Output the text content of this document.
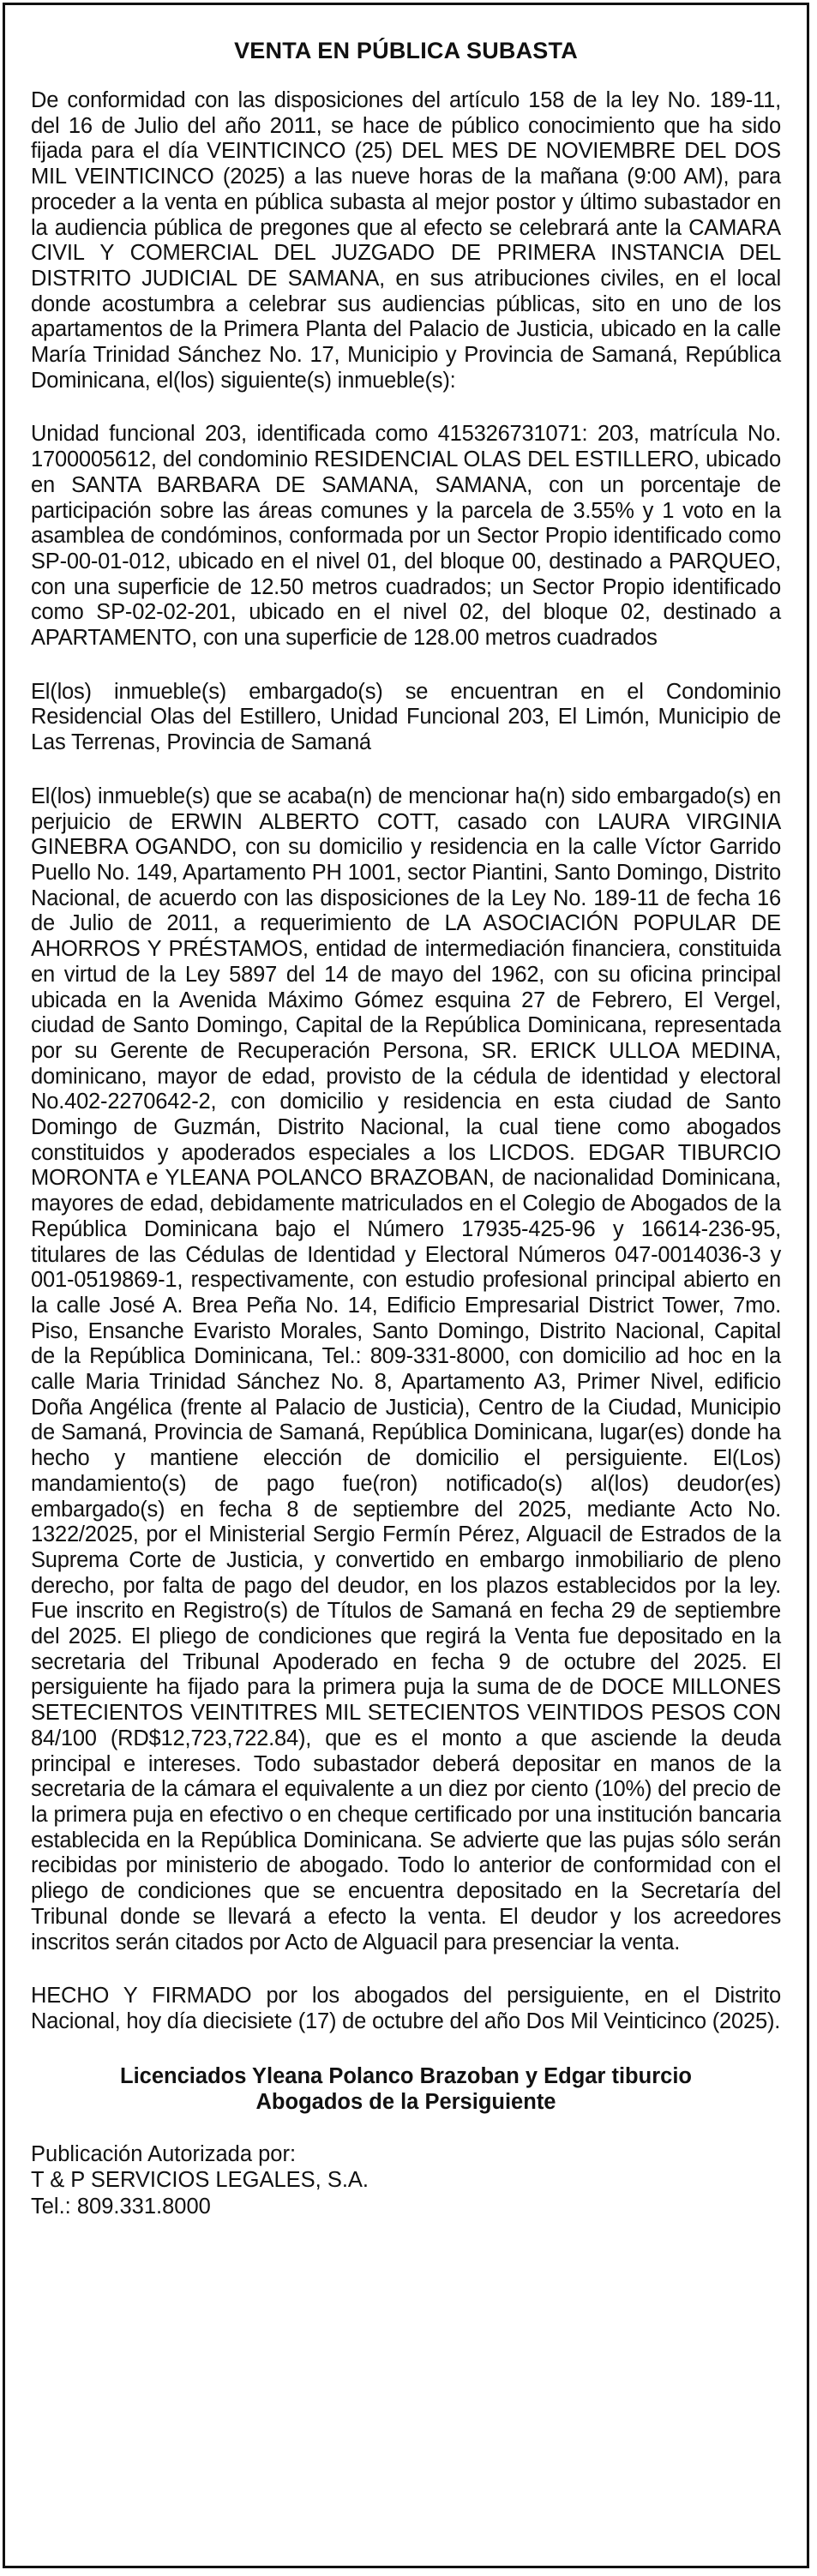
VENTA EN PÚBLICA SUBASTA

De conformidad con las disposiciones del artículo 158 de la ley No. 189-11, del 16 de Julio del año 2011, se hace de público conocimiento que ha sido fijada para el día VEINTICINCO (25) DEL MES DE NOVIEMBRE DEL DOS MIL VEINTICINCO (2025) a las nueve horas de la mañana (9:00 AM), para proceder a la venta en pública subasta al mejor postor y último subastador en la audiencia pública de pregones que al efecto se celebrará ante la CAMARA CIVIL Y COMERCIAL DEL JUZGADO DE PRIMERA INSTANCIA DEL DISTRITO JUDICIAL DE SAMANA, en sus atribuciones civiles, en el local donde acostumbra a celebrar sus audiencias públicas, sito en uno de los apartamentos de la Primera Planta del Palacio de Justicia, ubicado en la calle María Trinidad Sánchez No. 17, Municipio y Provincia de Samaná, República Dominicana, el(los) siguiente(s) inmueble(s):

Unidad funcional 203, identificada como 415326731071: 203, matrícula No. 1700005612, del condominio RESIDENCIAL OLAS DEL ESTILLERO, ubicado en SANTA BARBARA DE SAMANA, SAMANA, con un porcentaje de participación sobre las áreas comunes y la parcela de 3.55% y 1 voto en la asamblea de condóminos, conformada por un Sector Propio identificado como SP-00-01-012, ubicado en el nivel 01, del bloque 00, destinado a PARQUEO, con una superficie de 12.50 metros cuadrados; un Sector Propio identificado como SP-02-02-201, ubicado en el nivel 02, del bloque 02, destinado a APARTAMENTO, con una superficie de 128.00 metros cuadrados

El(los) inmueble(s) embargado(s) se encuentran en el Condominio Residencial Olas del Estillero, Unidad Funcional 203, El Limón, Municipio de Las Terrenas, Provincia de Samaná

El(los) inmueble(s) que se acaba(n) de mencionar ha(n) sido embargado(s) en perjuicio de ERWIN ALBERTO COTT, casado con LAURA VIRGINIA GINEBRA OGANDO, con su domicilio y residencia en la calle Víctor Garrido Puello No. 149, Apartamento PH 1001, sector Piantini, Santo Domingo, Distrito Nacional, de acuerdo con las disposiciones de la Ley No. 189-11 de fecha 16 de Julio de 2011, a requerimiento de LA ASOCIACIÓN POPULAR DE AHORROS Y PRÉSTAMOS, entidad de intermediación financiera, constituida en virtud de la Ley 5897 del 14 de mayo del 1962, con su oficina principal ubicada en la Avenida Máximo Gómez esquina 27 de Febrero, El Vergel, ciudad de Santo Domingo, Capital de la República Dominicana, representada por su Gerente de Recuperación Persona, SR. ERICK ULLOA MEDINA, dominicano, mayor de edad, provisto de la cédula de identidad y electoral No.402-2270642-2, con domicilio y residencia en esta ciudad de Santo Domingo de Guzmán, Distrito Nacional, la cual tiene como abogados constituidos y apoderados especiales a los LICDOS. EDGAR TIBURCIO MORONTA e YLEANA POLANCO BRAZOBAN, de nacionalidad Dominicana, mayores de edad, debidamente matriculados en el Colegio de Abogados de la República Dominicana bajo el Número 17935-425-96 y 16614-236-95, titulares de las Cédulas de Identidad y Electoral Números 047-0014036-3 y 001-0519869-1, respectivamente, con estudio profesional principal abierto en la calle José A. Brea Peña No. 14, Edificio Empresarial District Tower, 7mo. Piso, Ensanche Evaristo Morales, Santo Domingo, Distrito Nacional, Capital de la República Dominicana, Tel.: 809-331-8000, con domicilio ad hoc en la calle Maria Trinidad Sánchez No. 8, Apartamento A3, Primer Nivel, edificio Doña Angélica (frente al Palacio de Justicia), Centro de la Ciudad, Municipio de Samaná, Provincia de Samaná, República Dominicana, lugar(es) donde ha hecho y mantiene elección de domicilio el persiguiente. El(Los) mandamiento(s) de pago fue(ron) notificado(s) al(los) deudor(es) embargado(s) en fecha 8 de septiembre del 2025, mediante Acto No. 1322/2025, por el Ministerial Sergio Fermín Pérez, Alguacil de Estrados de la Suprema Corte de Justicia, y convertido en embargo inmobiliario de pleno derecho, por falta de pago del deudor, en los plazos establecidos por la ley. Fue inscrito en Registro(s) de Títulos de Samaná en fecha 29 de septiembre del 2025. El pliego de condiciones que regirá la Venta fue depositado en la secretaria del Tribunal Apoderado en fecha 9 de octubre del 2025. El persiguiente ha fijado para la primera puja la suma de de DOCE MILLONES SETECIENTOS VEINTITRES MIL SETECIENTOS VEINTIDOS PESOS CON 84/100 (RD$12,723,722.84), que es el monto a que asciende la deuda principal e intereses. Todo subastador deberá depositar en manos de la secretaria de la cámara el equivalente a un diez por ciento (10%) del precio de la primera puja en efectivo o en cheque certificado por una institución bancaria establecida en la República Dominicana. Se advierte que las pujas sólo serán recibidas por ministerio de abogado. Todo lo anterior de conformidad con el pliego de condiciones que se encuentra depositado en la Secretaría del Tribunal donde se llevará a efecto la venta. El deudor y los acreedores inscritos serán citados por Acto de Alguacil para presenciar la venta.

HECHO Y FIRMADO por los abogados del persiguiente, en el Distrito Nacional, hoy día diecisiete (17) de octubre del año Dos Mil Veinticinco (2025).

Licenciados Yleana Polanco Brazoban y Edgar tiburcio
Abogados de la Persiguiente
Publicación Autorizada por:
T & P SERVICIOS LEGALES, S.A.
Tel.: 809.331.8000
